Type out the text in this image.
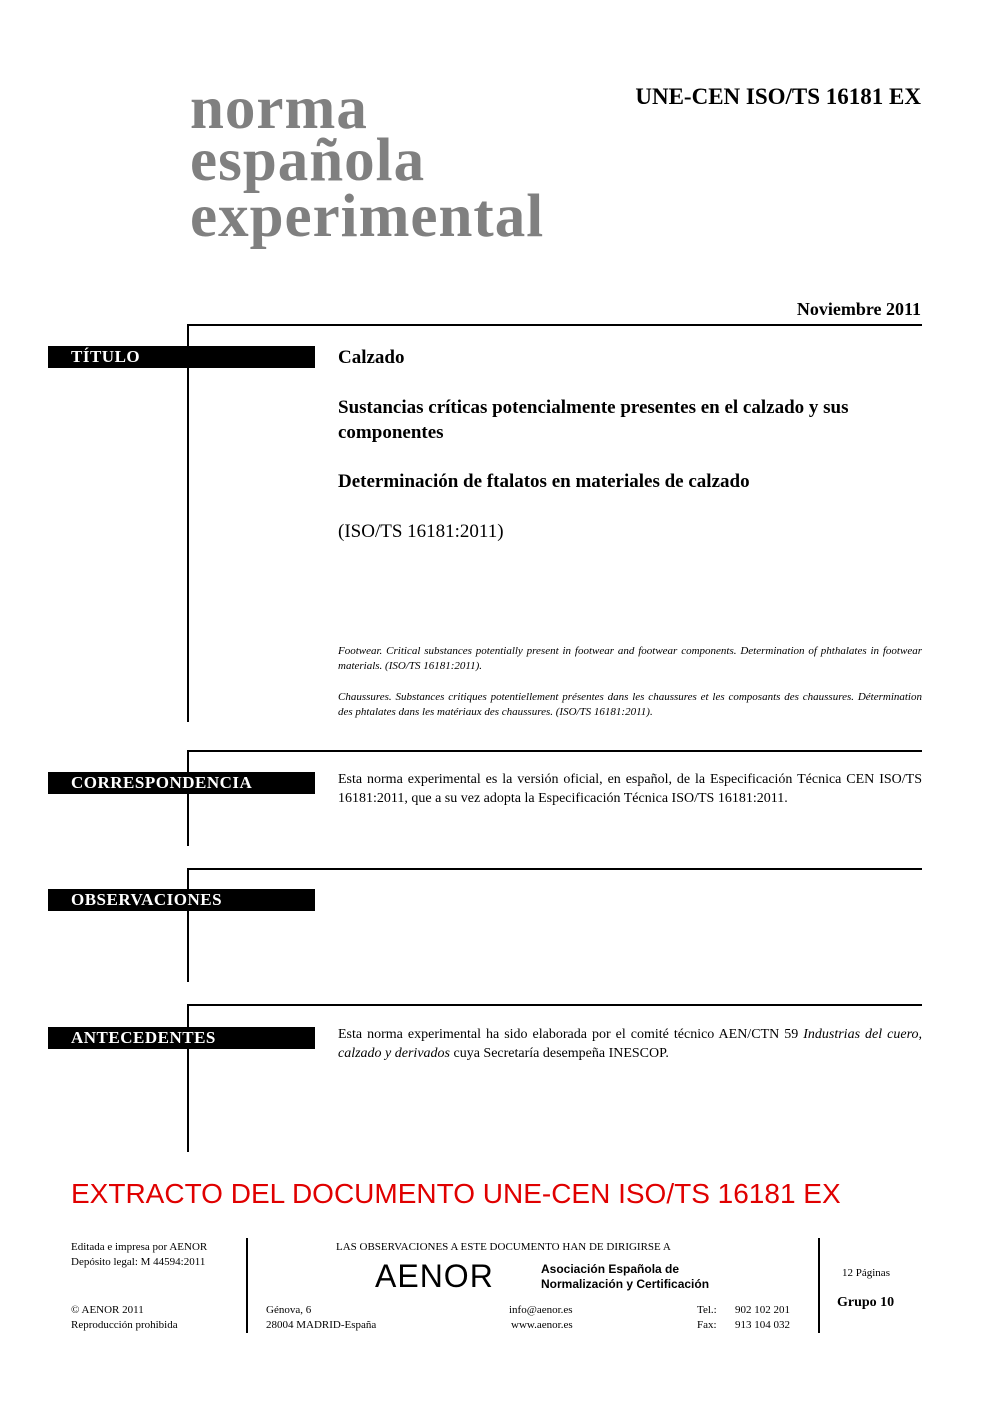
norma
española
experimental
UNE-CEN ISO/TS 16181 EX
Noviembre 2011
TÍTULO	Calzado
Sustancias críticas potencialmente presentes en el calzado y sus componentes
Determinación de ftalatos en materiales de calzado
(ISO/TS 16181:2011)
Footwear. Critical substances potentially present in footwear and footwear components. Determination of phthalates in footwear materials. (ISO/TS 16181:2011).
Chaussures. Substances critiques potentiellement présentes dans les chaussures et les composants des chaussures. Détermination des phtalates dans les matériaux des chaussures. (ISO/TS 16181:2011).
CORRESPONDENCIA	Esta norma experimental es la versión oficial, en español, de la Especificación Técnica CEN ISO/TS 16181:2011, que a su vez adopta la Especificación Técnica ISO/TS 16181:2011.
OBSERVACIONES
ANTECEDENTES	Esta norma experimental ha sido elaborada por el comité técnico AEN/CTN 59 Industrias del cuero, calzado y derivados cuya Secretaría desempeña INESCOP.
EXTRACTO DEL DOCUMENTO UNE-CEN ISO/TS 16181 EX
Editada e impresa por AENOR
Depósito legal: M 44594:2011
© AENOR 2011
Reproducción prohibida
LAS OBSERVACIONES A ESTE DOCUMENTO HAN DE DIRIGIRSE A
AENOR	Asociación Española de
Normalización y Certificación
Génova, 6
28004 MADRID-España
info@aenor.es
www.aenor.es
Tel.: 902 102 201
Fax: 913 104 032
12 Páginas
Grupo 10
